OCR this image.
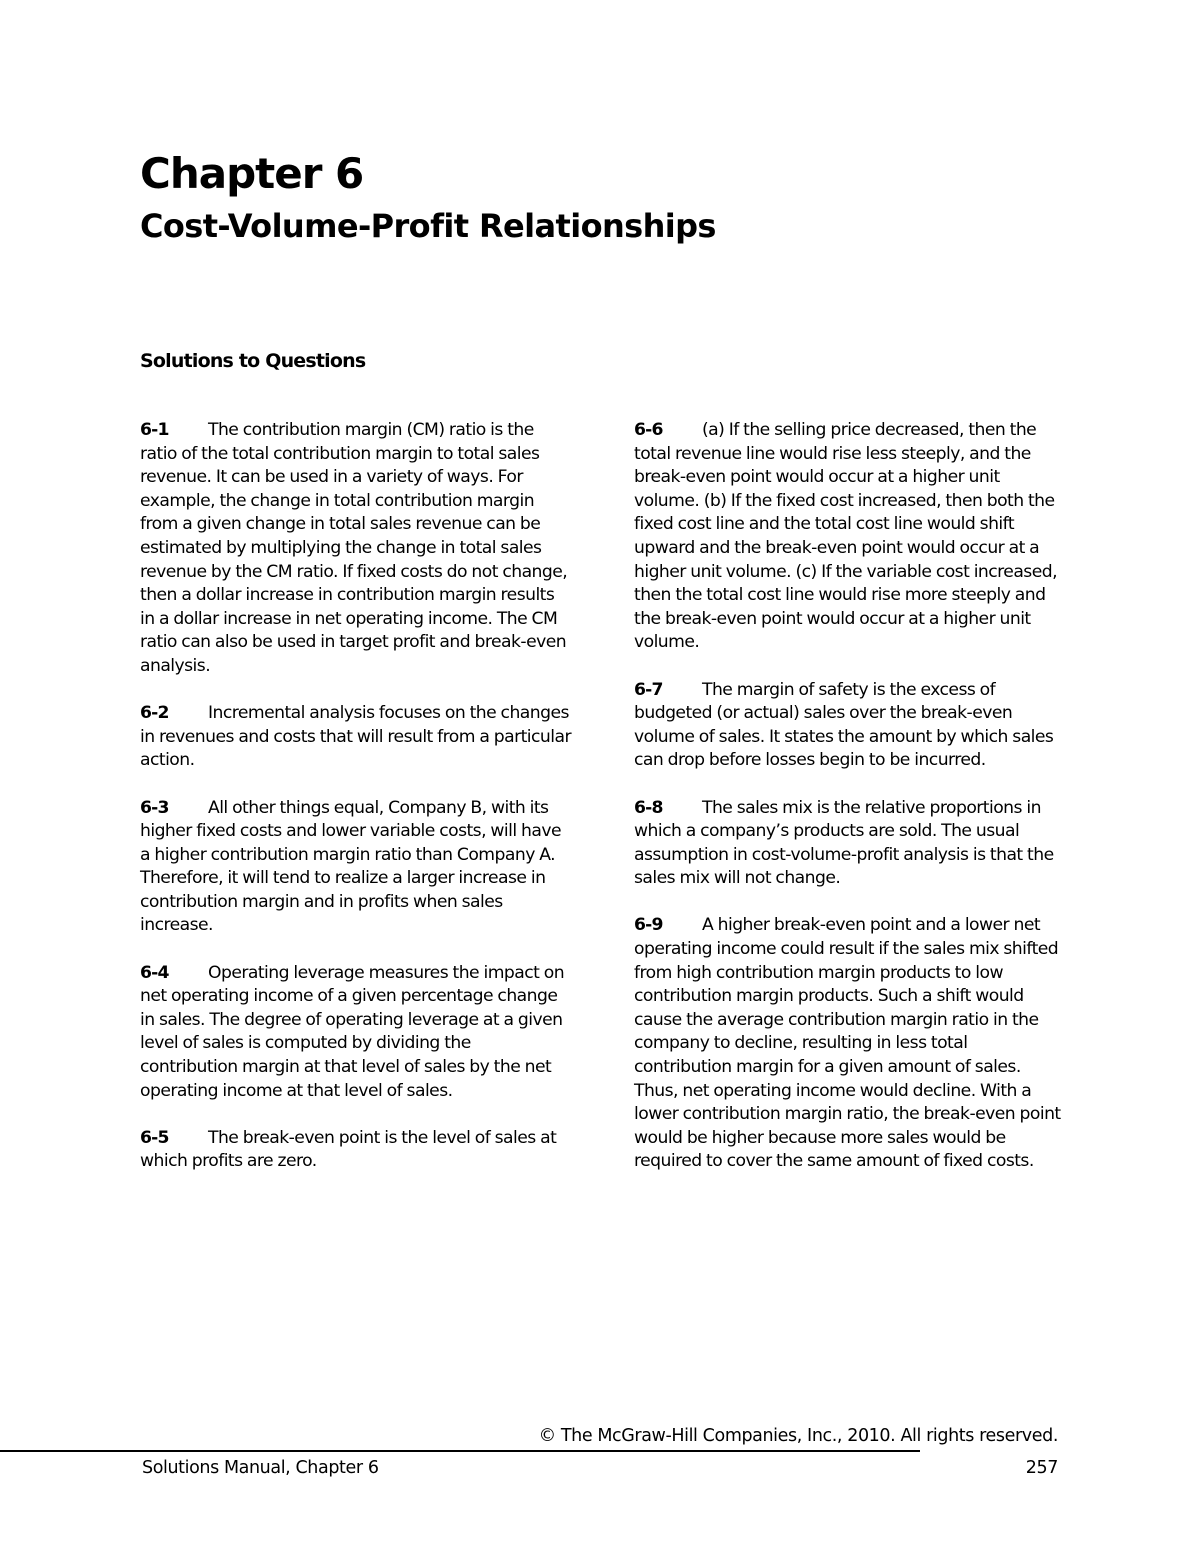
Chapter 6
Cost-Volume-Profit Relationships
Solutions to Questions

6-1 The contribution margin (CM) ratio is the ratio of the total contribution margin to total sales revenue. It can be used in a variety of ways. For example, the change in total contribution margin from a given change in total sales revenue can be estimated by multiplying the change in total sales revenue by the CM ratio. If fixed costs do not change, then a dollar increase in contribution margin results in a dollar increase in net operating income. The CM ratio can also be used in target profit and break-even analysis.

6-2 Incremental analysis focuses on the changes in revenues and costs that will result from a particular action.

6-3 All other things equal, Company B, with its higher fixed costs and lower variable costs, will have a higher contribution margin ratio than Company A. Therefore, it will tend to realize a larger increase in contribution margin and in profits when sales increase.

6-4 Operating leverage measures the impact on net operating income of a given percentage change in sales. The degree of operating leverage at a given level of sales is computed by dividing the contribution margin at that level of sales by the net operating income at that level of sales.

6-5 The break-even point is the level of sales at which profits are zero.

6-6 (a) If the selling price decreased, then the total revenue line would rise less steeply, and the break-even point would occur at a higher unit volume. (b) If the fixed cost increased, then both the fixed cost line and the total cost line would shift upward and the break-even point would occur at a higher unit volume. (c) If the variable cost increased, then the total cost line would rise more steeply and the break-even point would occur at a higher unit volume.

6-7 The margin of safety is the excess of budgeted (or actual) sales over the break-even volume of sales. It states the amount by which sales can drop before losses begin to be incurred.

6-8 The sales mix is the relative proportions in which a company’s products are sold. The usual assumption in cost-volume-profit analysis is that the sales mix will not change.

6-9 A higher break-even point and a lower net operating income could result if the sales mix shifted from high contribution margin products to low contribution margin products. Such a shift would cause the average contribution margin ratio in the company to decline, resulting in less total contribution margin for a given amount of sales. Thus, net operating income would decline. With a lower contribution margin ratio, the break-even point would be higher because more sales would be required to cover the same amount of fixed costs.

© The McGraw-Hill Companies, Inc., 2010. All rights reserved.
Solutions Manual, Chapter 6	257
